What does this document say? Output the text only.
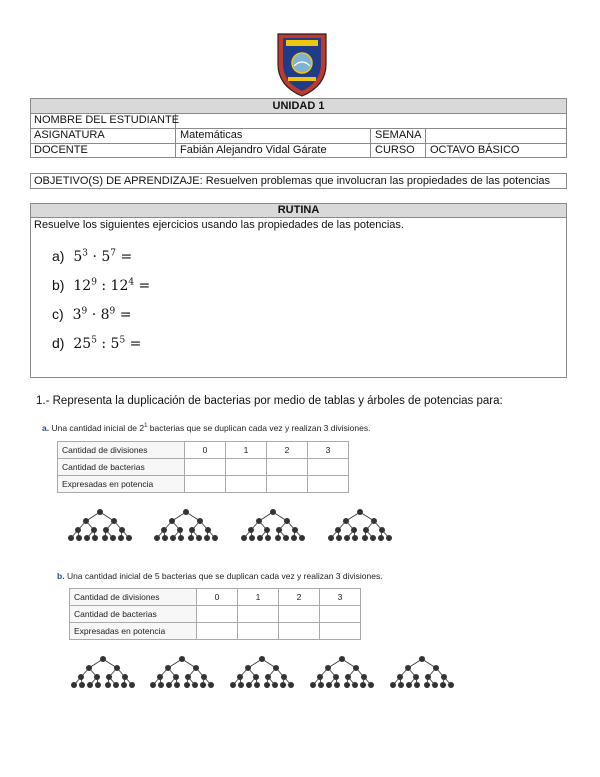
UNIDAD 1
NOMBRE DEL ESTUDIANTE
ASIGNATURA	Matemáticas	SEMANA
DOCENTE	Fabián Alejandro Vidal Gárate	CURSO	OCTAVO BÁSICO
OBJETIVO(S) DE APRENDIZAJE: Resuelven problemas que involucran las propiedades de las potencias
RUTINA
Resuelve los siguientes ejercicios usando las propiedades de las potencias.
a) $5^3 \cdot 5^7$ =
b) $12^9$ : $12^4$ =
c) $3^9 \cdot 8^9$ =
d) $25^5$ : $5^5$ =
1.- Representa la duplicación de bacterias por medio de tablas y árboles de potencias para:
a. Una cantidad inicial de $2^1$ bacterias que se duplican cada vez y realizan 3 divisiones.
Cantidad de divisiones	0	1	2	3
Cantidad de bacterias				
Expresadas en potencia				
b. Una cantidad inicial de 5 bacterias que se duplican cada vez y realizan 3 divisiones.
Cantidad de divisiones	0	1	2	3
Cantidad de bacterias				
Expresadas en potencia				
